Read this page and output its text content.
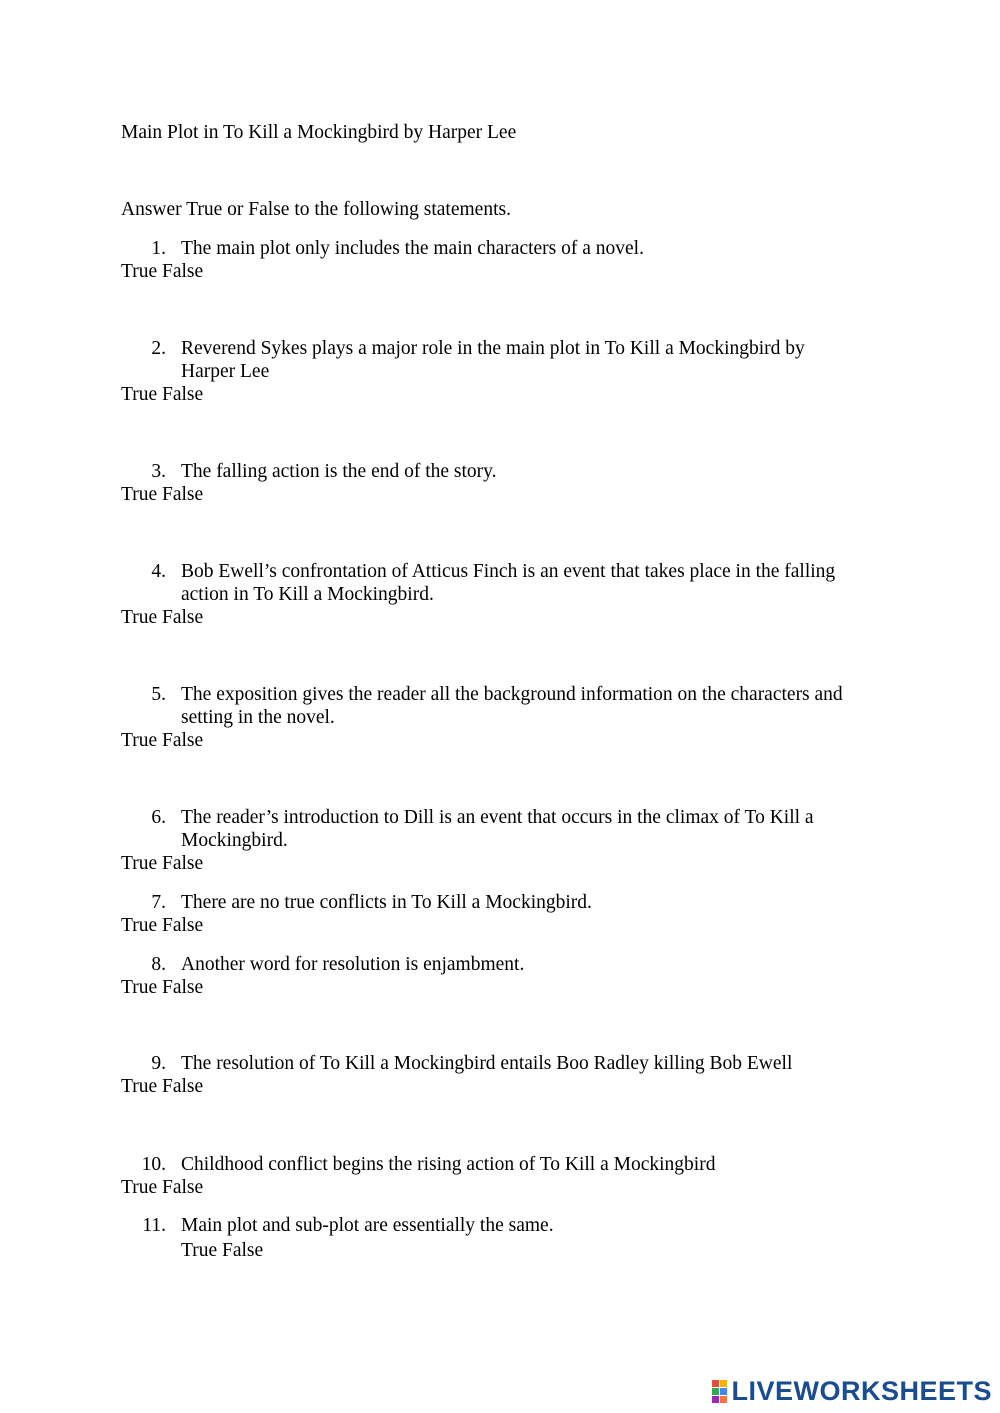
Main Plot in To Kill a Mockingbird by Harper Lee
Answer True or False to the following statements.
1. The main plot only includes the main characters of a novel.
True False
2. Reverend Sykes plays a major role in the main plot in To Kill a Mockingbird by Harper Lee
True False
3. The falling action is the end of the story.
True False
4. Bob Ewell’s confrontation of Atticus Finch is an event that takes place in the falling action in To Kill a Mockingbird.
True False
5. The exposition gives the reader all the background information on the characters and setting in the novel.
True False
6. The reader’s introduction to Dill is an event that occurs in the climax of To Kill a Mockingbird.
True False
7. There are no true conflicts in To Kill a Mockingbird.
True False
8. Another word for resolution is enjambment.
True False
9. The resolution of To Kill a Mockingbird entails Boo Radley killing Bob Ewell
True False
10. Childhood conflict begins the rising action of To Kill a Mockingbird
True False
11. Main plot and sub-plot are essentially the same.
True False
LIVEWORKSHEETS
